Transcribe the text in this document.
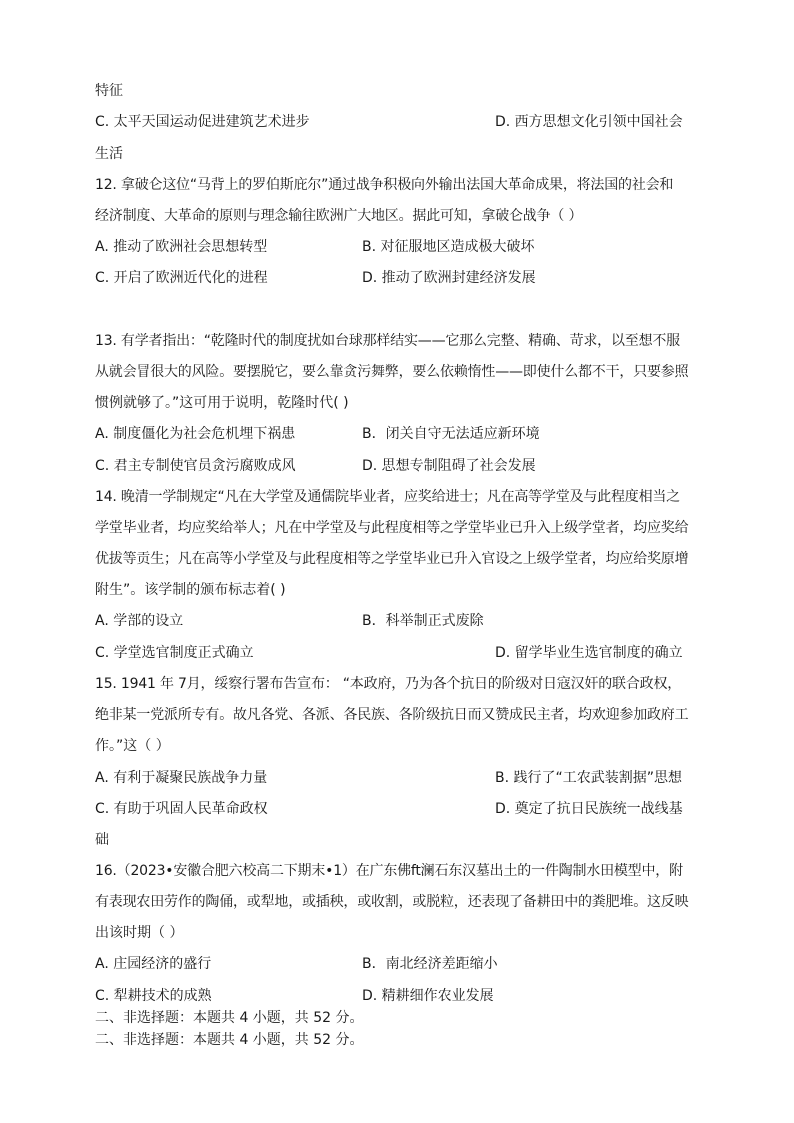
特征
C. 太平天国运动促进建筑艺术进步	D. 西方思想文化引领中国社会
生活
12. 拿破仑这位“马背上的罗伯斯庇尔”通过战争积极向外输出法国大革命成果，将法国的社会和
经济制度、大革命的原则与理念输往欧洲广大地区。据此可知，拿破仑战争（ ）
A. 推动了欧洲社会思想转型	B. 对征服地区造成极大破坏
C. 开启了欧洲近代化的进程	D. 推动了欧洲封建经济发展
13. 有学者指出：“乾隆时代的制度扰如台球那样结实——它那么完整、精确、苛求，以至想不服
从就会冒很大的风险。要摆脱它，要么靠贪污舞弊，要么依赖惰性——即使什么都不干，只要参照
惯例就够了。”这可用于说明，乾隆时代( )
A. 制度僵化为社会危机埋下祸患	B．闭关自守无法适应新环境
C. 君主专制使官员贪污腐败成风	D. 思想专制阻碍了社会发展
14. 晚清一学制规定“凡在大学堂及通儒院毕业者，应奖给进士；凡在高等学堂及与此程度相当之
学堂毕业者，均应奖给举人；凡在中学堂及与此程度相等之学堂毕业已升入上级学堂者，均应奖给
优拔等贡生；凡在高等小学堂及与此程度相等之学堂毕业已升入官设之上级学堂者，均应给奖原增
附生”。该学制的颁布标志着( )
A. 学部的设立	B．科举制正式废除
C. 学堂选官制度正式确立	D. 留学毕业生选官制度的确立
15. 1941 年 7月，绥察行署布告宣布： “本政府，乃为各个抗日的阶级对日寇汉奸的联合政权，
绝非某一党派所专有。故凡各党、各派、各民族、各阶级抗日而又赞成民主者，均欢迎参加政府工
作。”这（ ）
A. 有利于凝聚民族战争力量	B. 践行了“工农武装割据”思想
C. 有助于巩固人民革命政权	D. 奠定了抗日民族统一战线基
础
16.（2023•安徽合肥六校高二下期末•1）在广东佛ft澜石东汉墓出土的一件陶制水田模型中，附
有表现农田劳作的陶俑，或犁地，或插秧，或收割，或脱粒，还表现了备耕田中的粪肥堆。这反映
出该时期（ ）
A. 庄园经济的盛行	B．南北经济差距缩小
C. 犁耕技术的成熟	D. 精耕细作农业发展
二、非选择题：本题共 4 小题，共 52 分。
二、非选择题：本题共 4 小题，共 52 分。
